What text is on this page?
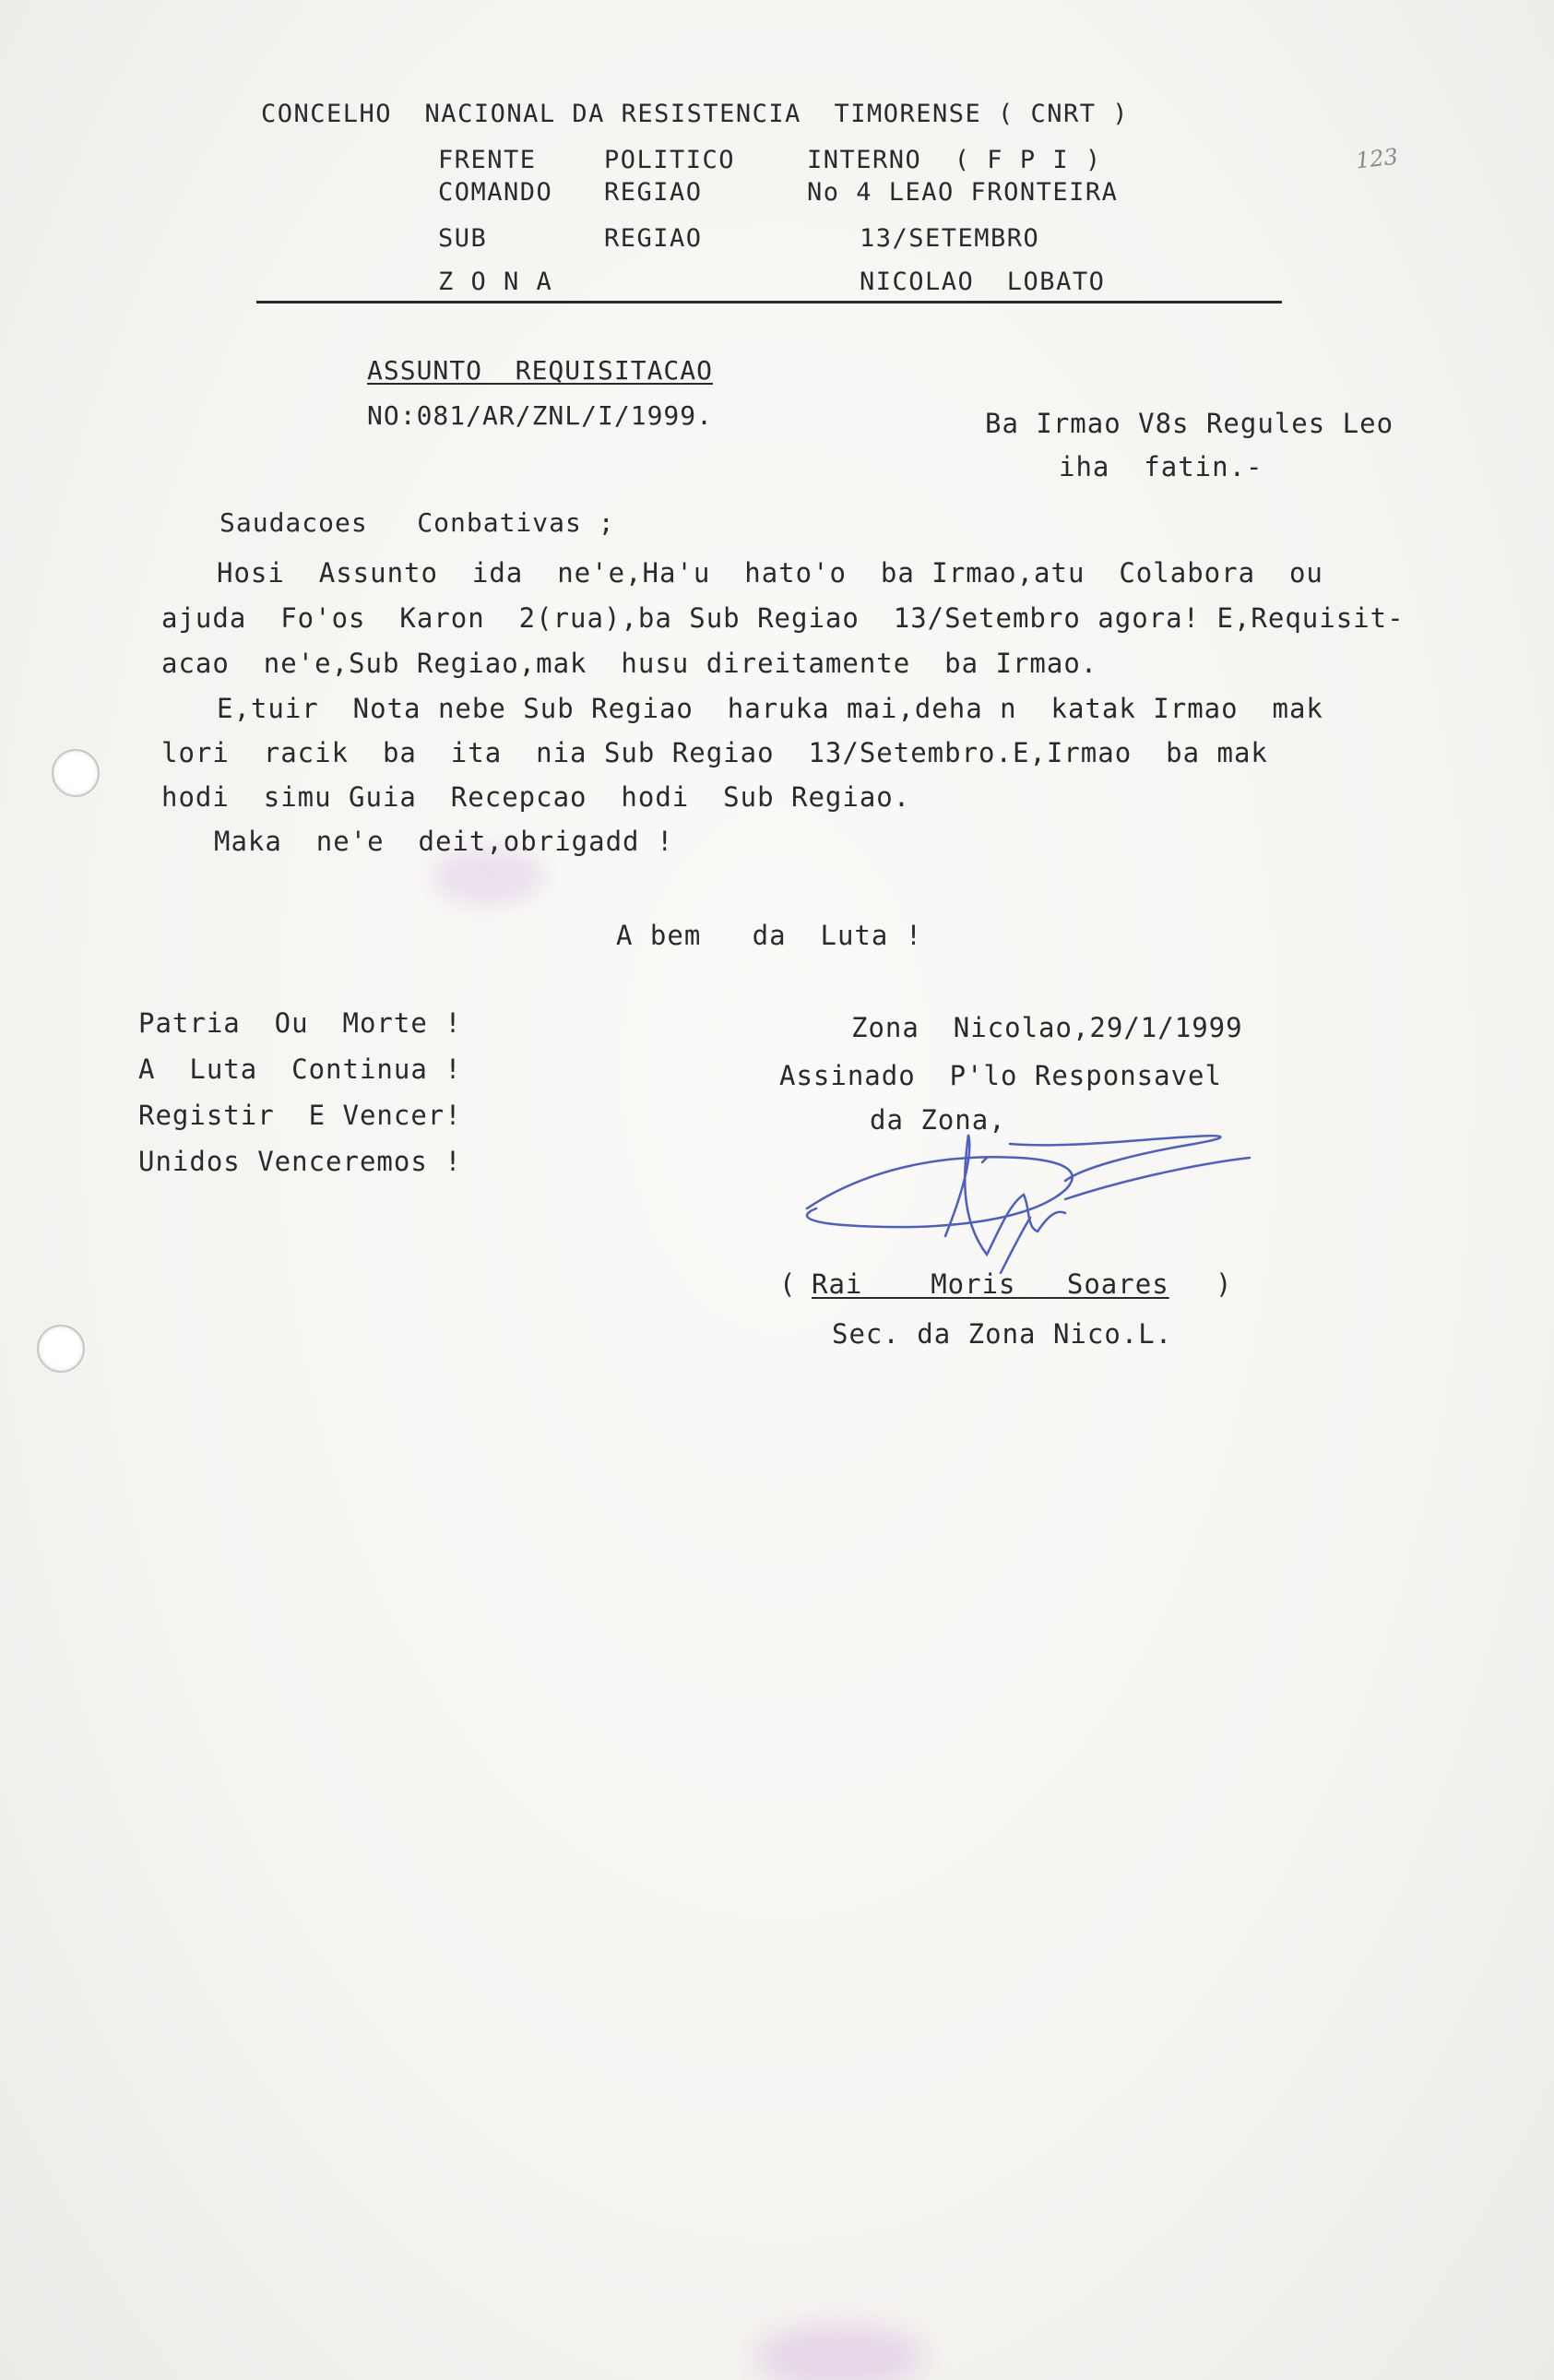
CONCELHO  NACIONAL DA RESISTENCIA  TIMORENSE ( CNRT )
FRENTE	POLITICO	INTERNO  ( F P I )
COMANDO REGIAO	No 4 LEAO FRONTEIRA
SUB	REGIAO	13/SETEMBRO
Z O N A	NICOLAO  LOBATO
123
ASSUNTO  REQUISITACAO
NO:081/AR/ZNL/I/1999.	Ba Irmao V8s Regules Leo
iha  fatin.-
Saudacoes   Conbativas ;
Hosi  Assunto  ida  ne'e,Ha'u  hato'o  ba Irmao,atu  Colabora  ou
ajuda  Fo'os  Karon  2(rua),ba Sub Regiao  13/Setembro agora! E,Requisit-
acao  ne'e,Sub Regiao,mak  husu direitamente  ba Irmao.
E,tuir  Nota nebe Sub Regiao  haruka mai,deha n  katak Irmao  mak
lori  racik  ba  ita  nia Sub Regiao  13/Setembro.E,Irmao  ba mak
hodi  simu Guia  Recepcao  hodi  Sub Regiao.
Maka  ne'e  deit,obrigadd !
A bem   da  Luta !
Patria  Ou  Morte !
A  Luta  Continua !
Registir  E Vencer!
Unidos Venceremos !
Zona  Nicolao,29/1/1999
Assinado  P'lo Responsavel
da Zona,
( Rai    Moris   Soares )
Sec. da Zona Nico.L.
